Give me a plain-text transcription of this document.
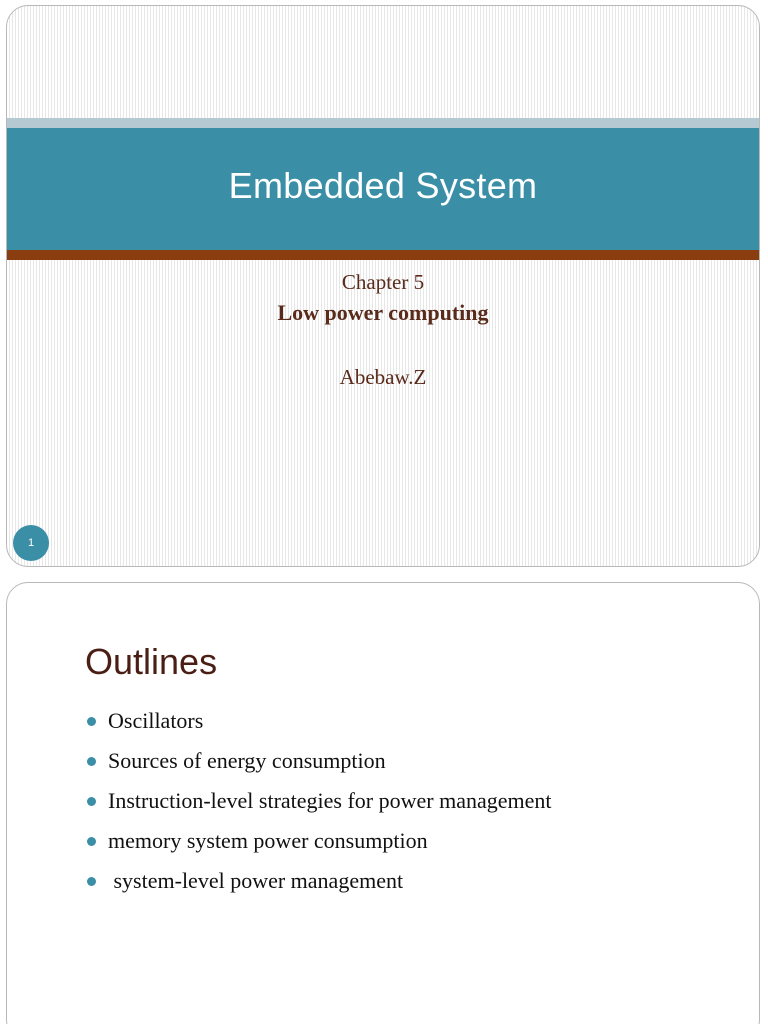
Embedded System
Chapter 5
Low power computing
Abebaw.Z
1
Outlines
Oscillators
Sources of energy consumption
Instruction-level strategies for power management
memory system power consumption
system-level power management
